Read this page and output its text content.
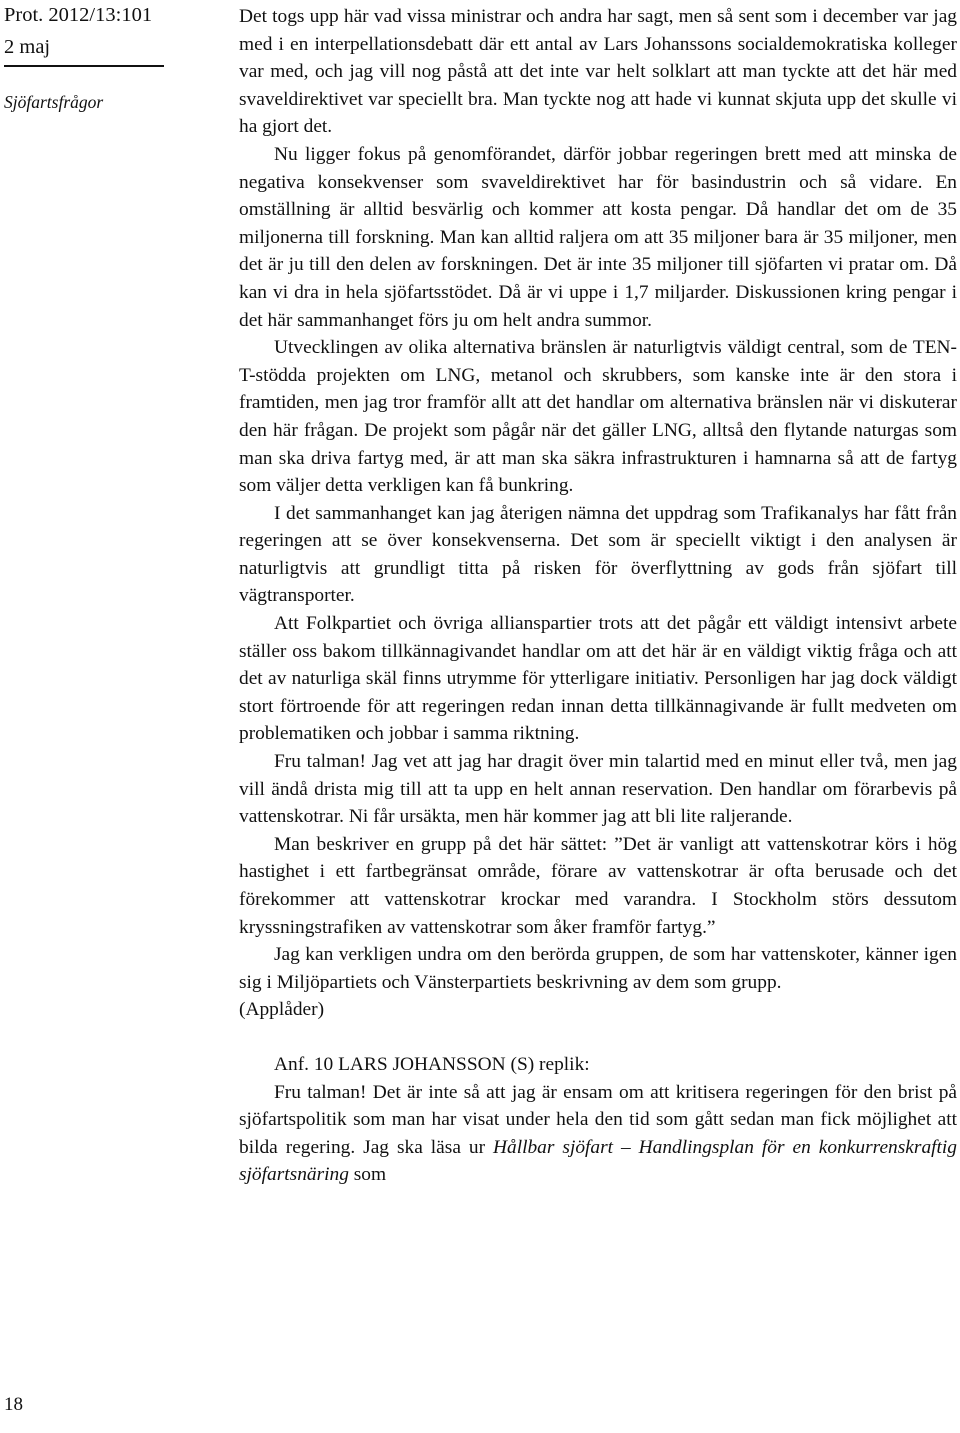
Prot. 2012/13:101
2 maj
Sjöfartsfrågor
18

Det togs upp här vad vissa ministrar och andra har sagt, men så sent som i december var jag med i en interpellationsdebatt där ett antal av Lars Johanssons socialdemokratiska kolleger var med, och jag vill nog påstå att det inte var helt solklart att man tyckte att det här med svaveldirektivet var speciellt bra. Man tyckte nog att hade vi kunnat skjuta upp det skulle vi ha gjort det.

Nu ligger fokus på genomförandet, därför jobbar regeringen brett med att minska de negativa konsekvenser som svaveldirektivet har för basindustrin och så vidare. En omställning är alltid besvärlig och kommer att kosta pengar. Då handlar det om de 35 miljonerna till forskning. Man kan alltid raljera om att 35 miljoner bara är 35 miljoner, men det är ju till den delen av forskningen. Det är inte 35 miljoner till sjöfarten vi pratar om. Då kan vi dra in hela sjöfartsstödet. Då är vi uppe i 1,7 miljarder. Diskussionen kring pengar i det här sammanhanget förs ju om helt andra summor.

Utvecklingen av olika alternativa bränslen är naturligtvis väldigt central, som de TEN-T-stödda projekten om LNG, metanol och skrubbers, som kanske inte är den stora i framtiden, men jag tror framför allt att det handlar om alternativa bränslen när vi diskuterar den här frågan. De projekt som pågår när det gäller LNG, alltså den flytande naturgas som man ska driva fartyg med, är att man ska säkra infrastrukturen i hamnarna så att de fartyg som väljer detta verkligen kan få bunkring.

I det sammanhanget kan jag återigen nämna det uppdrag som Trafikanalys har fått från regeringen att se över konsekvenserna. Det som är speciellt viktigt i den analysen är naturligtvis att grundligt titta på risken för överflyttning av gods från sjöfart till vägtransporter.

Att Folkpartiet och övriga allianspartier trots att det pågår ett väldigt intensivt arbete ställer oss bakom tillkännagivandet handlar om att det här är en väldigt viktig fråga och att det av naturliga skäl finns utrymme för ytterligare initiativ. Personligen har jag dock väldigt stort förtroende för att regeringen redan innan detta tillkännagivande är fullt medveten om problematiken och jobbar i samma riktning.

Fru talman! Jag vet att jag har dragit över min talartid med en minut eller två, men jag vill ändå drista mig till att ta upp en helt annan reservation. Den handlar om förarbevis på vattenskotrar. Ni får ursäkta, men här kommer jag att bli lite raljerande.

Man beskriver en grupp på det här sättet: ”Det är vanligt att vattenskotrar körs i hög hastighet i ett fartbegränsat område, förare av vattenskotrar är ofta berusade och det förekommer att vattenskotrar krockar med varandra. I Stockholm störs dessutom kryssningstrafiken av vattenskotrar som åker framför fartyg.”

Jag kan verkligen undra om den berörda gruppen, de som har vattenskoter, känner igen sig i Miljöpartiets och Vänsterpartiets beskrivning av dem som grupp.

(Applåder)

Anf. 10 LARS JOHANSSON (S) replik:

Fru talman! Det är inte så att jag är ensam om att kritisera regeringen för den brist på sjöfartspolitik som man har visat under hela den tid som gått sedan man fick möjlighet att bilda regering. Jag ska läsa ur Hållbar sjöfart – Handlingsplan för en konkurrenskraftig sjöfartsnäring som
